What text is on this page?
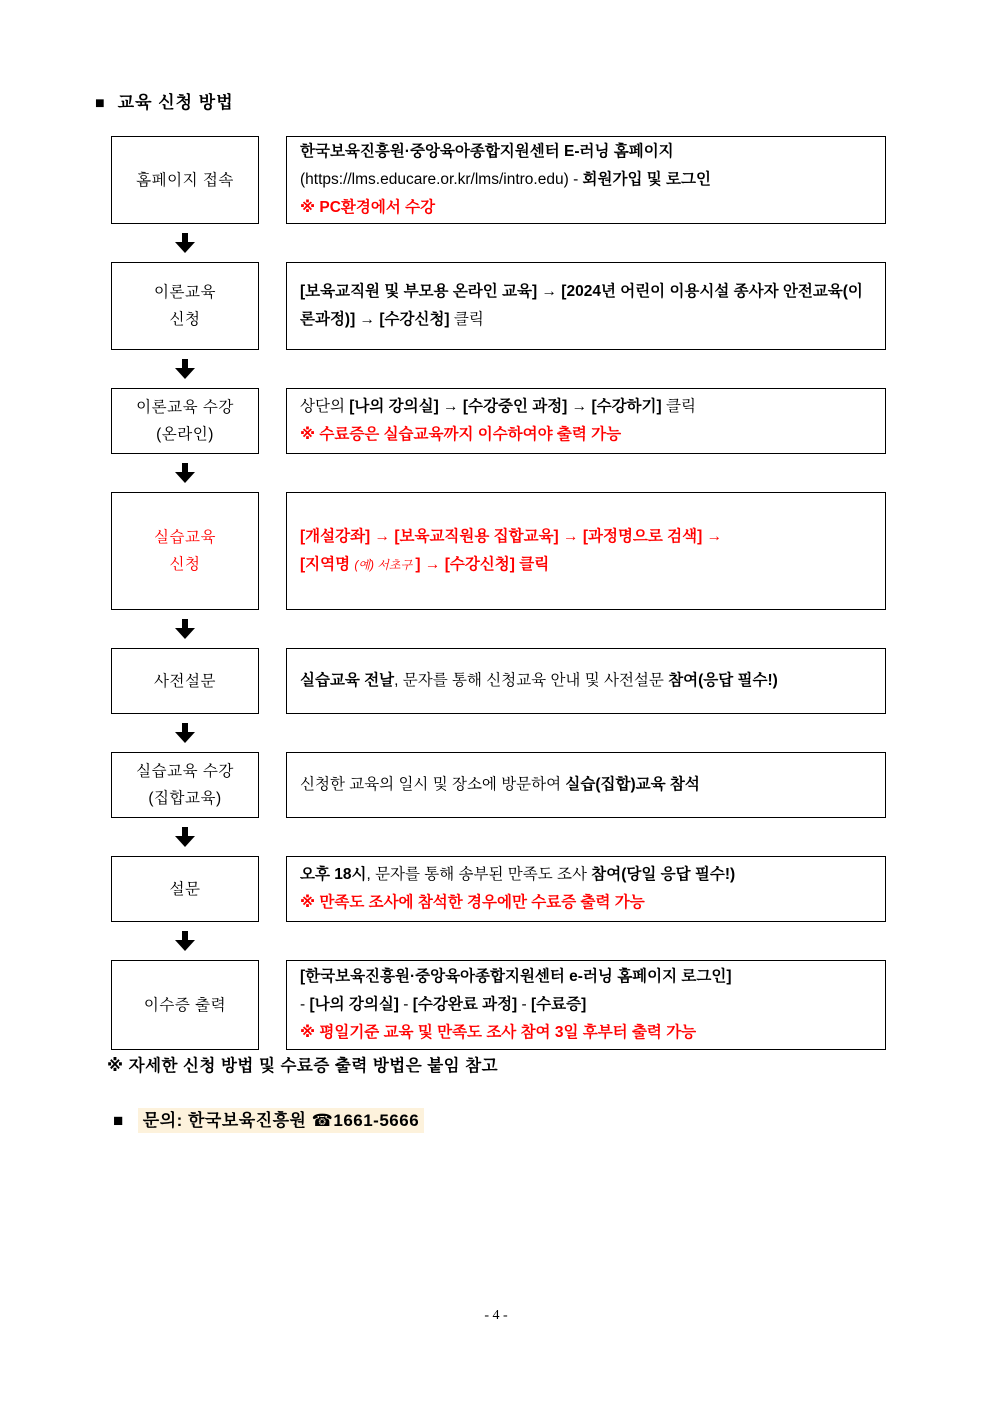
■ 교육 신청 방법
홈페이지 접속
한국보육진흥원·중앙육아종합지원센터 E-러닝 홈페이지
(https://lms.educare.or.kr/lms/intro.edu) - 회원가입 및 로그인
※ PC환경에서 수강
이론교육
신청
[보육교직원 및 부모용 온라인 교육] → [2024년 어린이 이용시설 종사자 안전교육(이론과정)] → [수강신청] 클릭
이론교육 수강
(온라인)
상단의 [나의 강의실] → [수강중인 과정] → [수강하기] 클릭
※ 수료증은 실습교육까지 이수하여야 출력 가능
실습교육
신청
[개설강좌] → [보육교직원용 집합교육] → [과정명으로 검색] →
[지역명 (예) 서초구 ] → [수강신청] 클릭
사전설문	실습교육 전날, 문자를 통해 신청교육 안내 및 사전설문 참여(응답 필수!)
실습교육 수강
(집합교육)
신청한 교육의 일시 및 장소에 방문하여 실습(집합)교육 참석
설문
오후 18시, 문자를 통해 송부된 만족도 조사 참여(당일 응답 필수!)
※ 만족도 조사에 참석한 경우에만 수료증 출력 가능
이수증 출력
[한국보육진흥원·중앙육아종합지원센터 e-러닝 홈페이지 로그인]
- [나의 강의실] - [수강완료 과정] - [수료증]
※ 평일기준 교육 및 만족도 조사 참여 3일 후부터 출력 가능
※ 자세한 신청 방법 및 수료증 출력 방법은 붙임 참고
■ 문의: 한국보육진흥원 ☎1661-5666
- 4 -
